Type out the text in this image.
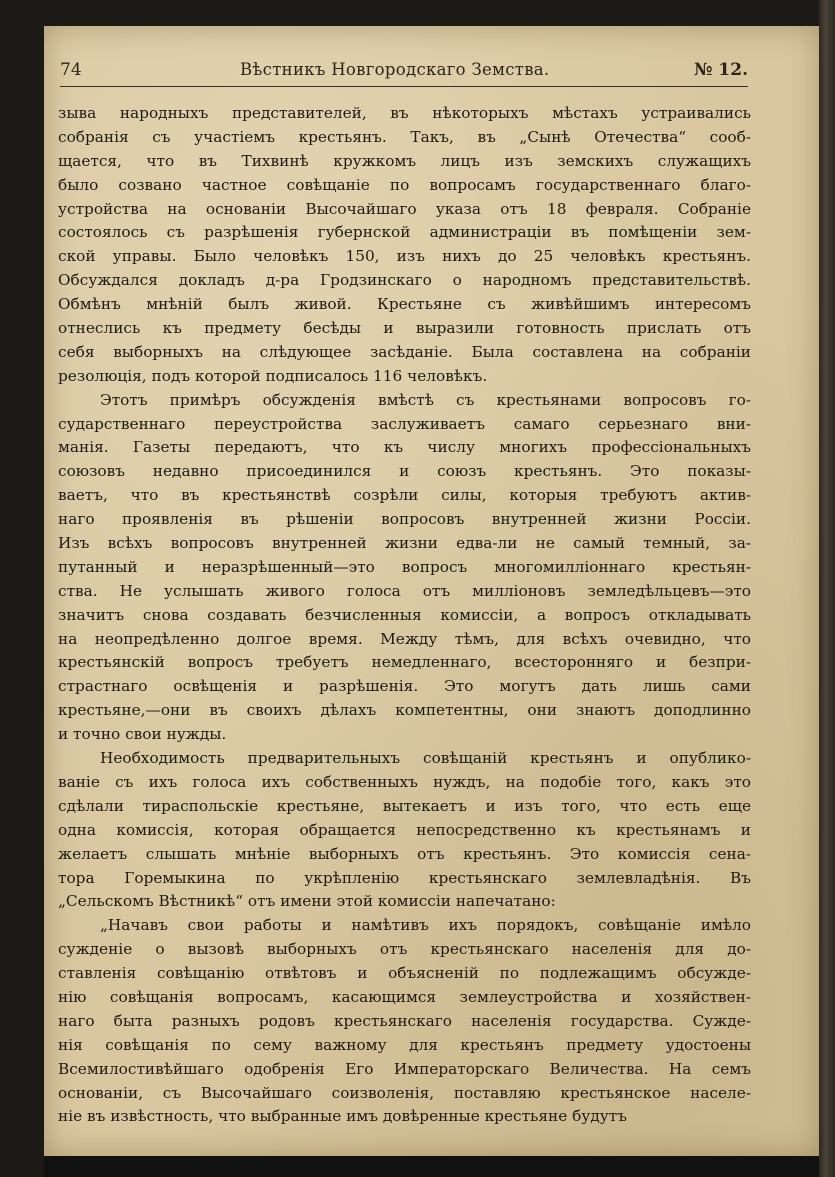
74	Вѣстникъ Новгородскаго Земства.	№ 12.
зыва народныхъ представителей, въ нѣкоторыхъ мѣстахъ устраивались
собранія съ участіемъ крестьянъ. Такъ, въ „Сынѣ Отечества“ сооб-
щается, что въ Тихвинѣ кружкомъ лицъ изъ земскихъ служащихъ
было созвано частное совѣщаніе по вопросамъ государственнаго благо-
устройства на основаніи Высочайшаго указа отъ 18 февраля. Собраніе
состоялось съ разрѣшенія губернской администраціи въ помѣщеніи зем-
ской управы. Было человѣкъ 150, изъ нихъ до 25 человѣкъ крестьянъ.
Обсуждался докладъ д-ра Гродзинскаго о народномъ представительствѣ.
Обмѣнъ мнѣній былъ живой. Крестьяне съ живѣйшимъ интересомъ
отнеслись къ предмету бесѣды и выразили готовность прислать отъ
себя выборныхъ на слѣдующее засѣданіе. Была составлена на собраніи
резолюція, подъ которой подписалось 116 человѣкъ.
Этотъ примѣръ обсужденія вмѣстѣ съ крестьянами вопросовъ го-
сударственнаго переустройства заслуживаетъ самаго серьезнаго вни-
манія. Газеты передаютъ, что къ числу многихъ профессіональныхъ
союзовъ недавно присоединился и союзъ крестьянъ. Это показы-
ваетъ, что въ крестьянствѣ созрѣли силы, которыя требуютъ актив-
наго проявленія въ рѣшеніи вопросовъ внутренней жизни Россіи.
Изъ всѣхъ вопросовъ внутренней жизни едва-ли не самый темный, за-
путанный и неразрѣшенный—это вопросъ многомилліоннаго крестьян-
ства. Не услышать живого голоса отъ милліоновъ земледѣльцевъ—это
значитъ снова создавать безчисленныя комиссіи, а вопросъ откладывать
на неопредѣленно долгое время. Между тѣмъ, для всѣхъ очевидно, что
крестьянскій вопросъ требуетъ немедленнаго, всесторонняго и безпри-
страстнаго освѣщенія и разрѣшенія. Это могутъ дать лишь сами
крестьяне,—они въ своихъ дѣлахъ компетентны, они знаютъ доподлинно
и точно свои нужды.
Необходимость предварительныхъ совѣщаній крестьянъ и опублико-
ваніе съ ихъ голоса ихъ собственныхъ нуждъ, на подобіе того, какъ это
сдѣлали тираспольскіе крестьяне, вытекаетъ и изъ того, что есть еще
одна комиссія, которая обращается непосредственно къ крестьянамъ и
желаетъ слышать мнѣніе выборныхъ отъ крестьянъ. Это комиссія сена-
тора Горемыкина по укрѣпленію крестьянскаго землевладѣнія. Въ
„Сельскомъ Вѣстникѣ“ отъ имени этой комиссіи напечатано:
„Начавъ свои работы и намѣтивъ ихъ порядокъ, совѣщаніе имѣло
сужденіе о вызовѣ выборныхъ отъ крестьянскаго населенія для до-
ставленія совѣщанію отвѣтовъ и объясненій по подлежащимъ обсужде-
нію совѣщанія вопросамъ, касающимся землеустройства и хозяйствен-
наго быта разныхъ родовъ крестьянскаго населенія государства. Сужде-
нія совѣщанія по сему важному для крестьянъ предмету удостоены
Всемилостивѣйшаго одобренія Его Императорскаго Величества. На семъ
основаніи, съ Высочайшаго соизволенія, поставляю крестьянское населе-
ніе въ извѣстность, что выбранные имъ довѣренные крестьяне будутъ
